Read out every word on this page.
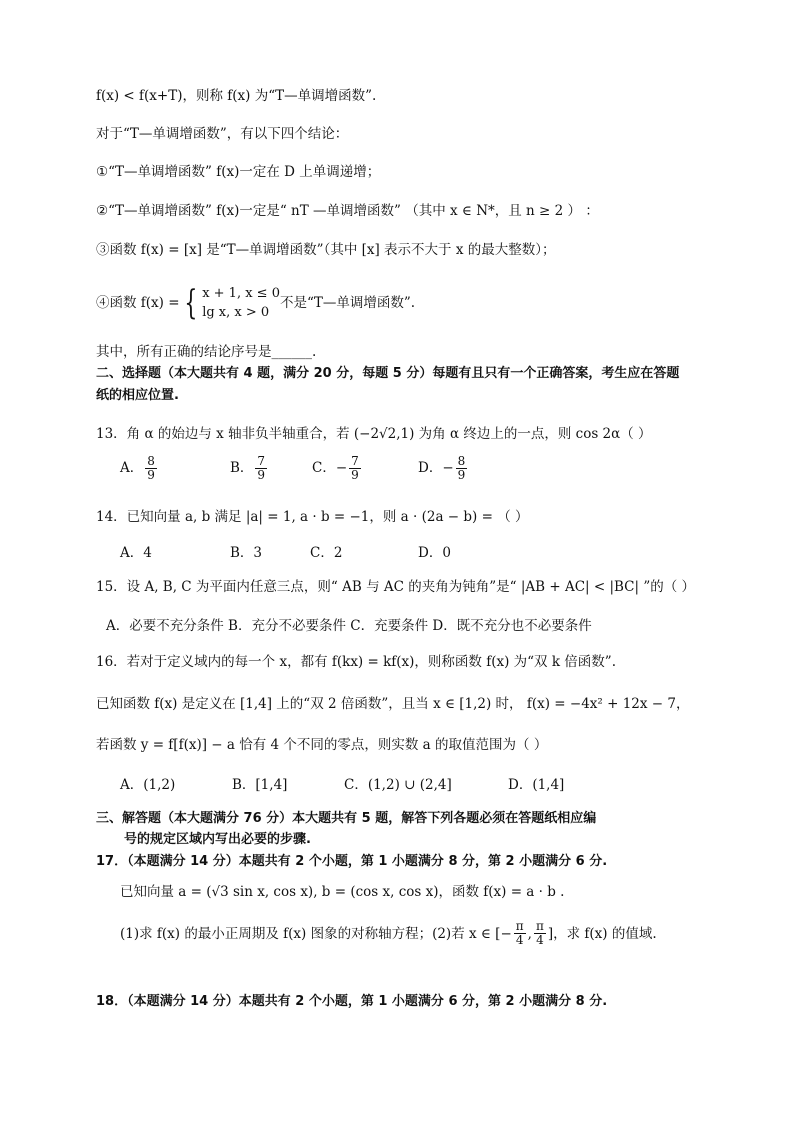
f(x) < f(x+T)，则称 f(x) 为“T—单调增函数”.
对于“T—单调增函数”，有以下四个结论：
①“T—单调增函数” f(x)一定在 D 上单调递增；
②“T—单调增函数” f(x)一定是“ nT —单调增函数” （其中 x ∈ N*，且 n ≥ 2 ） ：
③函数 f(x) = [x] 是“T—单调增函数”（其中 [x] 表示不大于 x 的最大整数）；
④函数 f(x) = { x + 1, x ≤ 0
lg x, x > 0
不是“T—单调增函数”.
其中，所有正确的结论序号是______.
二、选择题（本大题共有 4 题，满分 20 分，每题 5 分）每题有且只有一个正确答案，考生应在答题
纸的相应位置.
13．角 α 的始边与 x 轴非负半轴重合，若 (−2√2,1) 为角 α 终边上的一点，则 cos 2α（ ）
A． $\frac{8}{9}$	B． $\frac{7}{9}$	C．− $\frac{7}{9}$	D．− $\frac{8}{9}$
14．已知向量 a, b 满足 |a| = 1, a · b = −1，则 a · (2a − b) = （ ）
A．4	B．3	C．2	D．0
15．设 A, B, C 为平面内任意三点，则“ AB 与 AC 的夹角为钝角”是“ |AB + AC| < |BC| ”的（ ）
A．必要不充分条件 B．充分不必要条件 C．充要条件 D．既不充分也不必要条件
16．若对于定义域内的每一个 x，都有 f(kx) = kf(x)，则称函数 f(x) 为“双 k 倍函数”.
已知函数 f(x) 是定义在 [1,4] 上的“双 2 倍函数”，且当 x ∈ [1,2) 时， f(x) = −4x² + 12x − 7，
若函数 y = f[f(x)] − a 恰有 4 个不同的零点，则实数 a 的取值范围为（ ）
A．(1,2)	B．[1,4]	C．(1,2) ∪ (2,4]	D．(1,4]
三、解答题（本大题满分 76 分）本大题共有 5 题，解答下列各题必须在答题纸相应编
号的规定区域内写出必要的步骤.
17．（本题满分 14 分）本题共有 2 个小题，第 1 小题满分 8 分，第 2 小题满分 6 分.
已知向量 a = (√3 sin x, cos x), b = (cos x, cos x)，函数 f(x) = a · b .
(1)求 f(x) 的最小正周期及 f(x) 图象的对称轴方程；(2)若 x ∈ [− $\frac{\pi}{4}$ , $\frac{\pi}{4}$ ]，求 f(x) 的值域.
18．（本题满分 14 分）本题共有 2 个小题，第 1 小题满分 6 分，第 2 小题满分 8 分.
